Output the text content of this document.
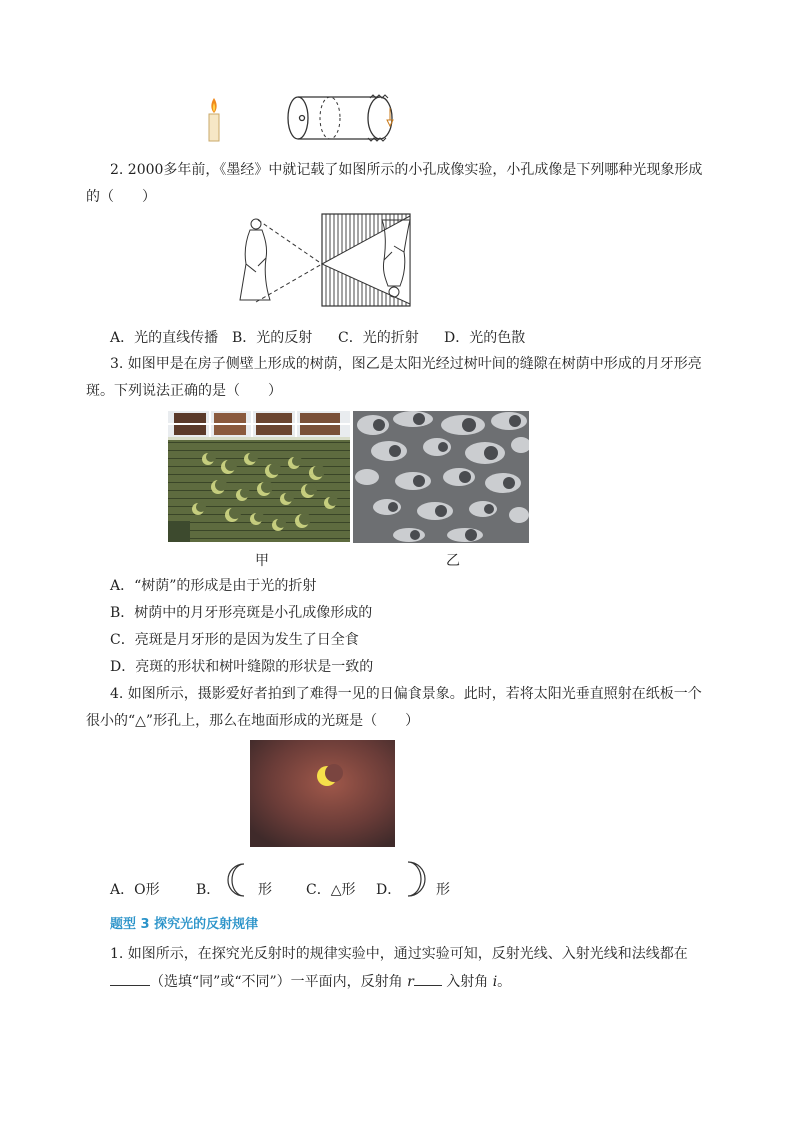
2. 2000多年前，《墨经》中就记载了如图所示的小孔成像实验，小孔成像是下列哪种光现象形成
的（　　）
A．光的直线传播 B．光的反射 C．光的折射 D．光的色散
3. 如图甲是在房子侧壁上形成的树荫，图乙是太阳光经过树叶间的缝隙在树荫中形成的月牙形亮
斑。下列说法正确的是（　　）
甲	乙
A．“树荫”的形成是由于光的折射
B．树荫中的月牙形亮斑是小孔成像形成的
C．亮斑是月牙形的是因为发生了日全食
D．亮斑的形状和树叶缝隙的形状是一致的
4. 如图所示，摄影爱好者拍到了难得一见的日偏食景象。此时，若将太阳光垂直照射在纸板一个
很小的“△”形孔上，那么在地面形成的光斑是（　　）
A．O形	B．	形 C．△形 D． 形
题型 3 探究光的反射规律
1. 如图所示，在探究光反射时的规律实验中，通过实验可知，反射光线、入射光线和法线都在
（选填“同”或“不同”）一平面内，反射角 r 入射角 i。
